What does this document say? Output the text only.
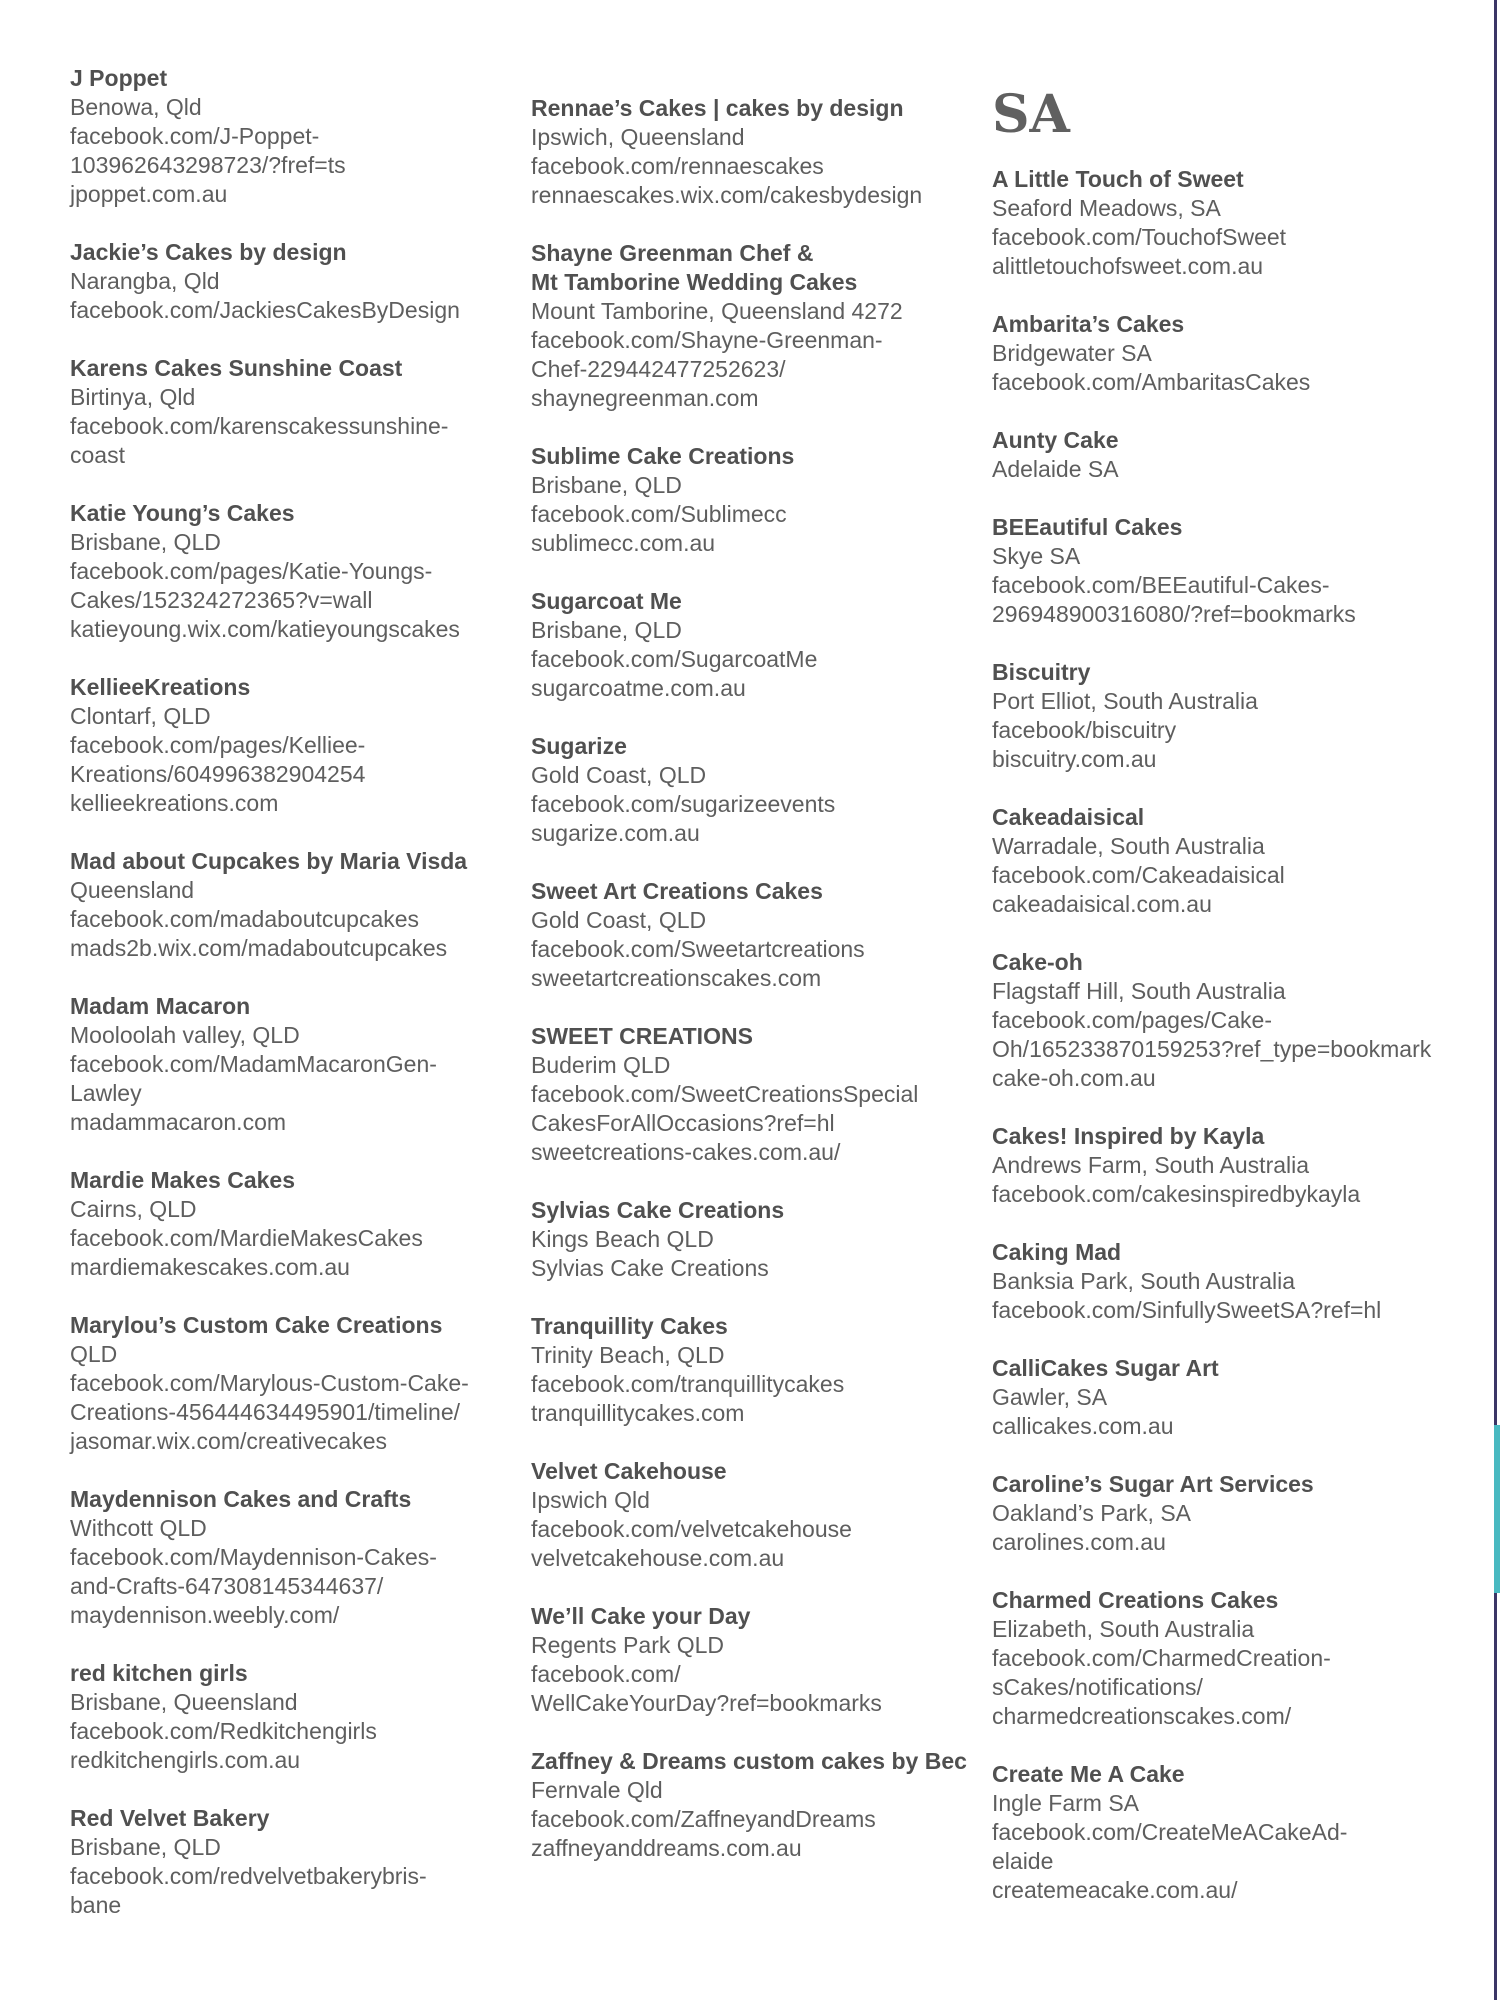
J Poppet
Benowa, Qld
facebook.com/J-Poppet-
103962643298723/?fref=ts
jpoppet.com.au
Jackie’s Cakes by design
Narangba, Qld
facebook.com/JackiesCakesByDesign
Karens Cakes Sunshine Coast
Birtinya, Qld
facebook.com/karenscakessunshine-
coast
Katie Young’s Cakes
Brisbane, QLD
facebook.com/pages/Katie-Youngs-
Cakes/152324272365?v=wall
katieyoung.wix.com/katieyoungscakes
KellieeKreations
Clontarf, QLD
facebook.com/pages/Kelliee-
Kreations/604996382904254
kellieekreations.com
Mad about Cupcakes by Maria Visda
Queensland
facebook.com/madaboutcupcakes
mads2b.wix.com/madaboutcupcakes
Madam Macaron
Mooloolah valley, QLD
facebook.com/MadamMacaronGen-
Lawley
madammacaron.com
Mardie Makes Cakes
Cairns, QLD
facebook.com/MardieMakesCakes
mardiemakescakes.com.au
Marylou’s Custom Cake Creations
QLD
facebook.com/Marylous-Custom-Cake-
Creations-456444634495901/timeline/
jasomar.wix.com/creativecakes
Maydennison Cakes and Crafts
Withcott QLD
facebook.com/Maydennison-Cakes-
and-Crafts-647308145344637/
maydennison.weebly.com/
red kitchen girls
Brisbane, Queensland
facebook.com/Redkitchengirls
redkitchengirls.com.au
Red Velvet Bakery
Brisbane, QLD
facebook.com/redvelvetbakerybris-
bane
Rennae’s Cakes | cakes by design
Ipswich, Queensland
facebook.com/rennaescakes
rennaescakes.wix.com/cakesbydesign
Shayne Greenman Chef &
Mt Tamborine Wedding Cakes
Mount Tamborine, Queensland 4272
facebook.com/Shayne-Greenman-
Chef-229442477252623/
shaynegreenman.com
Sublime Cake Creations
Brisbane, QLD
facebook.com/Sublimecc
sublimecc.com.au
Sugarcoat Me
Brisbane, QLD
facebook.com/SugarcoatMe
sugarcoatme.com.au
Sugarize
Gold Coast, QLD
facebook.com/sugarizeevents
sugarize.com.au
Sweet Art Creations Cakes
Gold Coast, QLD
facebook.com/Sweetartcreations
sweetartcreationscakes.com
SWEET CREATIONS
Buderim QLD
facebook.com/SweetCreationsSpecial
CakesForAllOccasions?ref=hl
sweetcreations-cakes.com.au/
Sylvias Cake Creations
Kings Beach QLD
Sylvias Cake Creations
Tranquillity Cakes
Trinity Beach, QLD
facebook.com/tranquillitycakes
tranquillitycakes.com
Velvet Cakehouse
Ipswich Qld
facebook.com/velvetcakehouse
velvetcakehouse.com.au
We’ll Cake your Day
Regents Park QLD
facebook.com/
WellCakeYourDay?ref=bookmarks
Zaffney & Dreams custom cakes by Bec
Fernvale Qld
facebook.com/ZaffneyandDreams
zaffneyanddreams.com.au
SA
A Little Touch of Sweet
Seaford Meadows, SA
facebook.com/TouchofSweet
alittletouchofsweet.com.au
Ambarita’s Cakes
Bridgewater SA
facebook.com/AmbaritasCakes
Aunty Cake
Adelaide SA
BEEautiful Cakes
Skye SA
facebook.com/BEEautiful-Cakes-
296948900316080/?ref=bookmarks
Biscuitry
Port Elliot, South Australia
facebook/biscuitry
biscuitry.com.au
Cakeadaisical
Warradale, South Australia
facebook.com/Cakeadaisical
cakeadaisical.com.au
Cake-oh
Flagstaff Hill, South Australia
facebook.com/pages/Cake-
Oh/165233870159253?ref_type=bookmark
cake-oh.com.au
Cakes! Inspired by Kayla
Andrews Farm, South Australia
facebook.com/cakesinspiredbykayla
Caking Mad
Banksia Park, South Australia
facebook.com/SinfullySweetSA?ref=hl
CalliCakes Sugar Art
Gawler, SA
callicakes.com.au
Caroline’s Sugar Art Services
Oakland’s Park, SA
carolines.com.au
Charmed Creations Cakes
Elizabeth, South Australia
facebook.com/CharmedCreation-
sCakes/notifications/
charmedcreationscakes.com/
Create Me A Cake
Ingle Farm SA
facebook.com/CreateMeACakeAd-
elaide
createmeacake.com.au/
